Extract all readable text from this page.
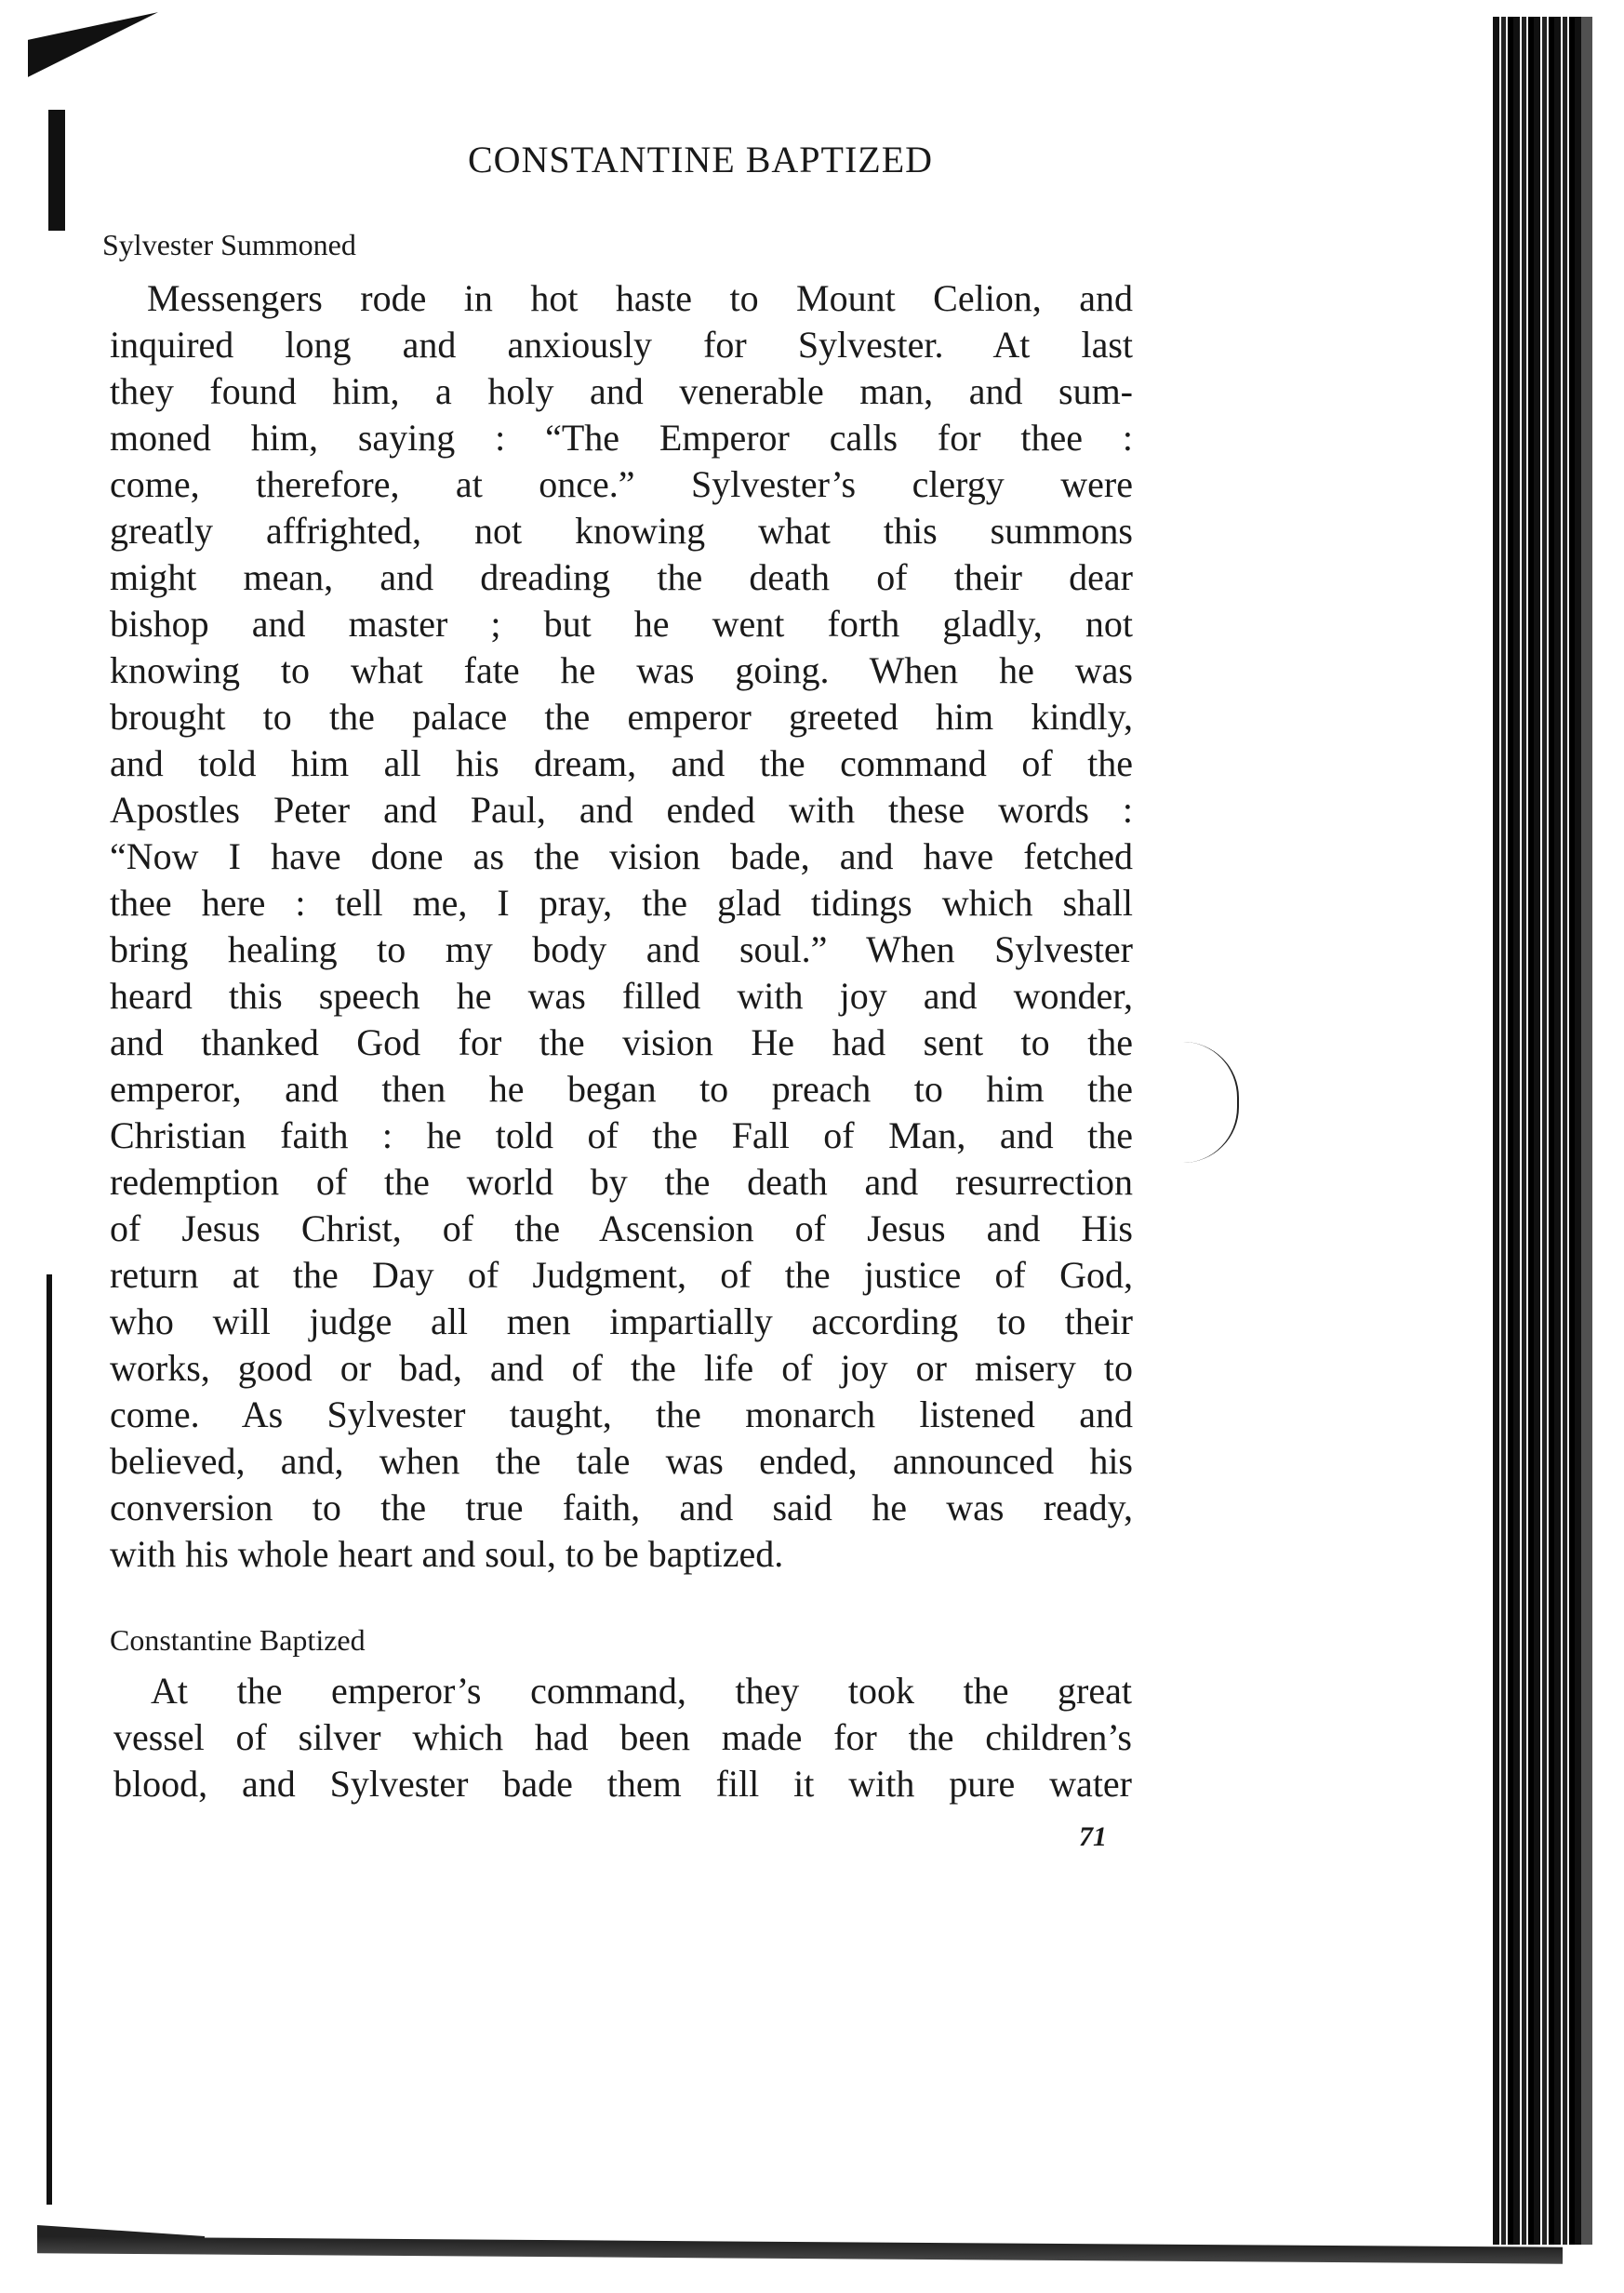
CONSTANTINE BAPTIZED
Sylvester Summoned
Messengers rode in hot haste to Mount Celion, and
inquired long and anxiously for Sylvester. At last
they found him, a holy and venerable man, and sum-
moned him, saying : “The Emperor calls for thee :
come, therefore, at once.” Sylvester’s clergy were
greatly affrighted, not knowing what this summons
might mean, and dreading the death of their dear
bishop and master ; but he went forth gladly, not
knowing to what fate he was going. When he was
brought to the palace the emperor greeted him kindly,
and told him all his dream, and the command of the
Apostles Peter and Paul, and ended with these words :
“Now I have done as the vision bade, and have fetched
thee here : tell me, I pray, the glad tidings which shall
bring healing to my body and soul.” When Sylvester
heard this speech he was filled with joy and wonder,
and thanked God for the vision He had sent to the
emperor, and then he began to preach to him the
Christian faith : he told of the Fall of Man, and the
redemption of the world by the death and resurrection
of Jesus Christ, of the Ascension of Jesus and His
return at the Day of Judgment, of the justice of God,
who will judge all men impartially according to their
works, good or bad, and of the life of joy or misery to
come. As Sylvester taught, the monarch listened and
believed, and, when the tale was ended, announced his
conversion to the true faith, and said he was ready,
with his whole heart and soul, to be baptized.
Constantine Baptized
At the emperor’s command, they took the great
vessel of silver which had been made for the children’s
blood, and Sylvester bade them fill it with pure water
71
